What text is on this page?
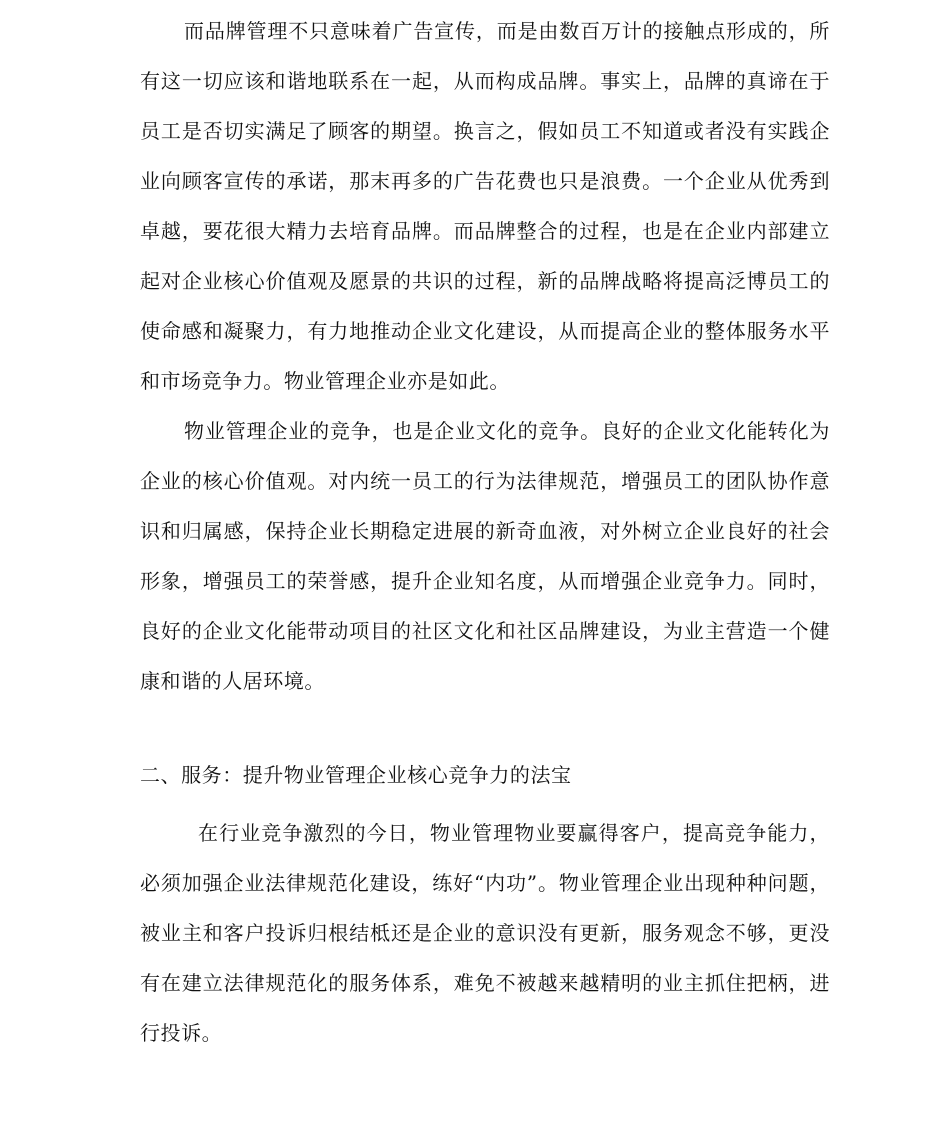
而品牌管理不只意味着广告宣传，而是由数百万计的接触点形成的，所有这一切应该和谐地联系在一起，从而构成品牌。事实上，品牌的真谛在于员工是否切实满足了顾客的期望。换言之，假如员工不知道或者没有实践企业向顾客宣传的承诺，那末再多的广告花费也只是浪费。一个企业从优秀到卓越，要花很大精力去培育品牌。而品牌整合的过程，也是在企业内部建立起对企业核心价值观及愿景的共识的过程，新的品牌战略将提高泛博员工的使命感和凝聚力，有力地推动企业文化建设，从而提高企业的整体服务水平和市场竞争力。物业管理企业亦是如此。

物业管理企业的竞争，也是企业文化的竞争。良好的企业文化能转化为企业的核心价值观。对内统一员工的行为法律规范，增强员工的团队协作意识和归属感，保持企业长期稳定进展的新奇血液，对外树立企业良好的社会形象，增强员工的荣誉感，提升企业知名度，从而增强企业竞争力。同时，良好的企业文化能带动项目的社区文化和社区品牌建设，为业主营造一个健康和谐的人居环境。

二、服务：提升物业管理企业核心竞争力的法宝

在行业竞争激烈的今日，物业管理物业要赢得客户，提高竞争能力，必须加强企业法律规范化建设，练好“内功”。物业管理企业出现种种问题，被业主和客户投诉归根结柢还是企业的意识没有更新，服务观念不够，更没有在建立法律规范化的服务体系，难免不被越来越精明的业主抓住把柄，进行投诉。
